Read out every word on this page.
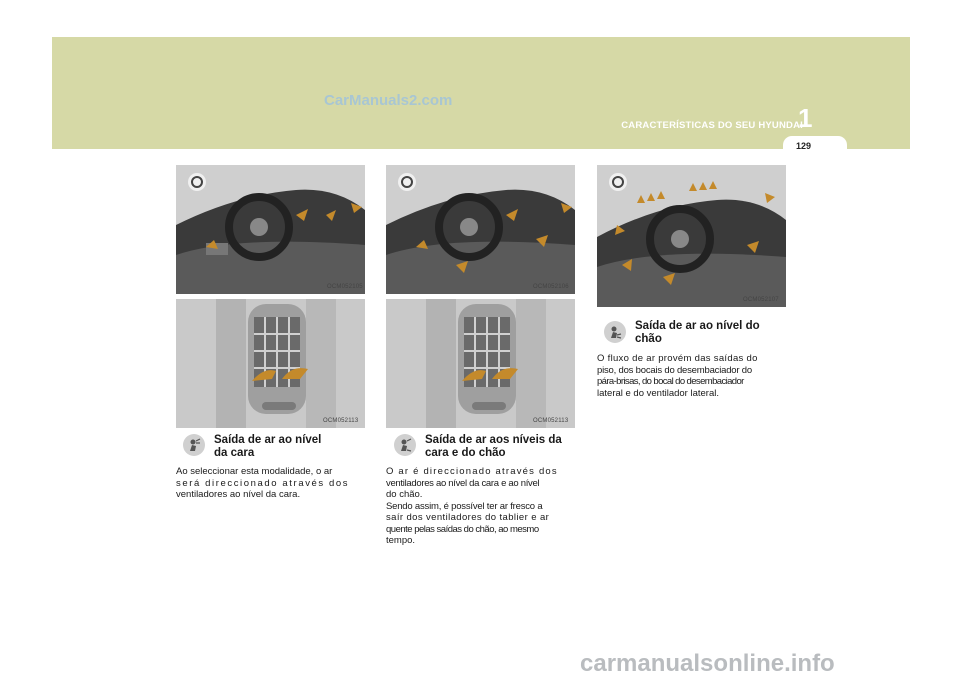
CarManuals2.com
CARACTERÍSTICAS DO SEU HYUNDAI
1
129
OCM052105
OCM052113
Saída de ar ao nível
da cara
Ao seleccionar esta modalidade, o ar
será direccionado através dos
ventiladores ao nível da cara.
OCM052106
OCM052113
Saída de ar aos níveis da
cara e do chão
O ar é direccionado através dos
ventiladores ao nível da cara e ao nível
do chão.
Sendo assim, é possível ter ar fresco a
saír dos ventiladores do tablier e ar
quente pelas saídas do chão, ao mesmo
tempo.
OCM052107
Saída de ar ao nível do
chão
O fluxo de ar provém das saídas do
piso, dos bocais do desembaciador do
pára-brisas, do bocal do desembaciador
lateral e do ventilador lateral.
carmanualsonline.info
